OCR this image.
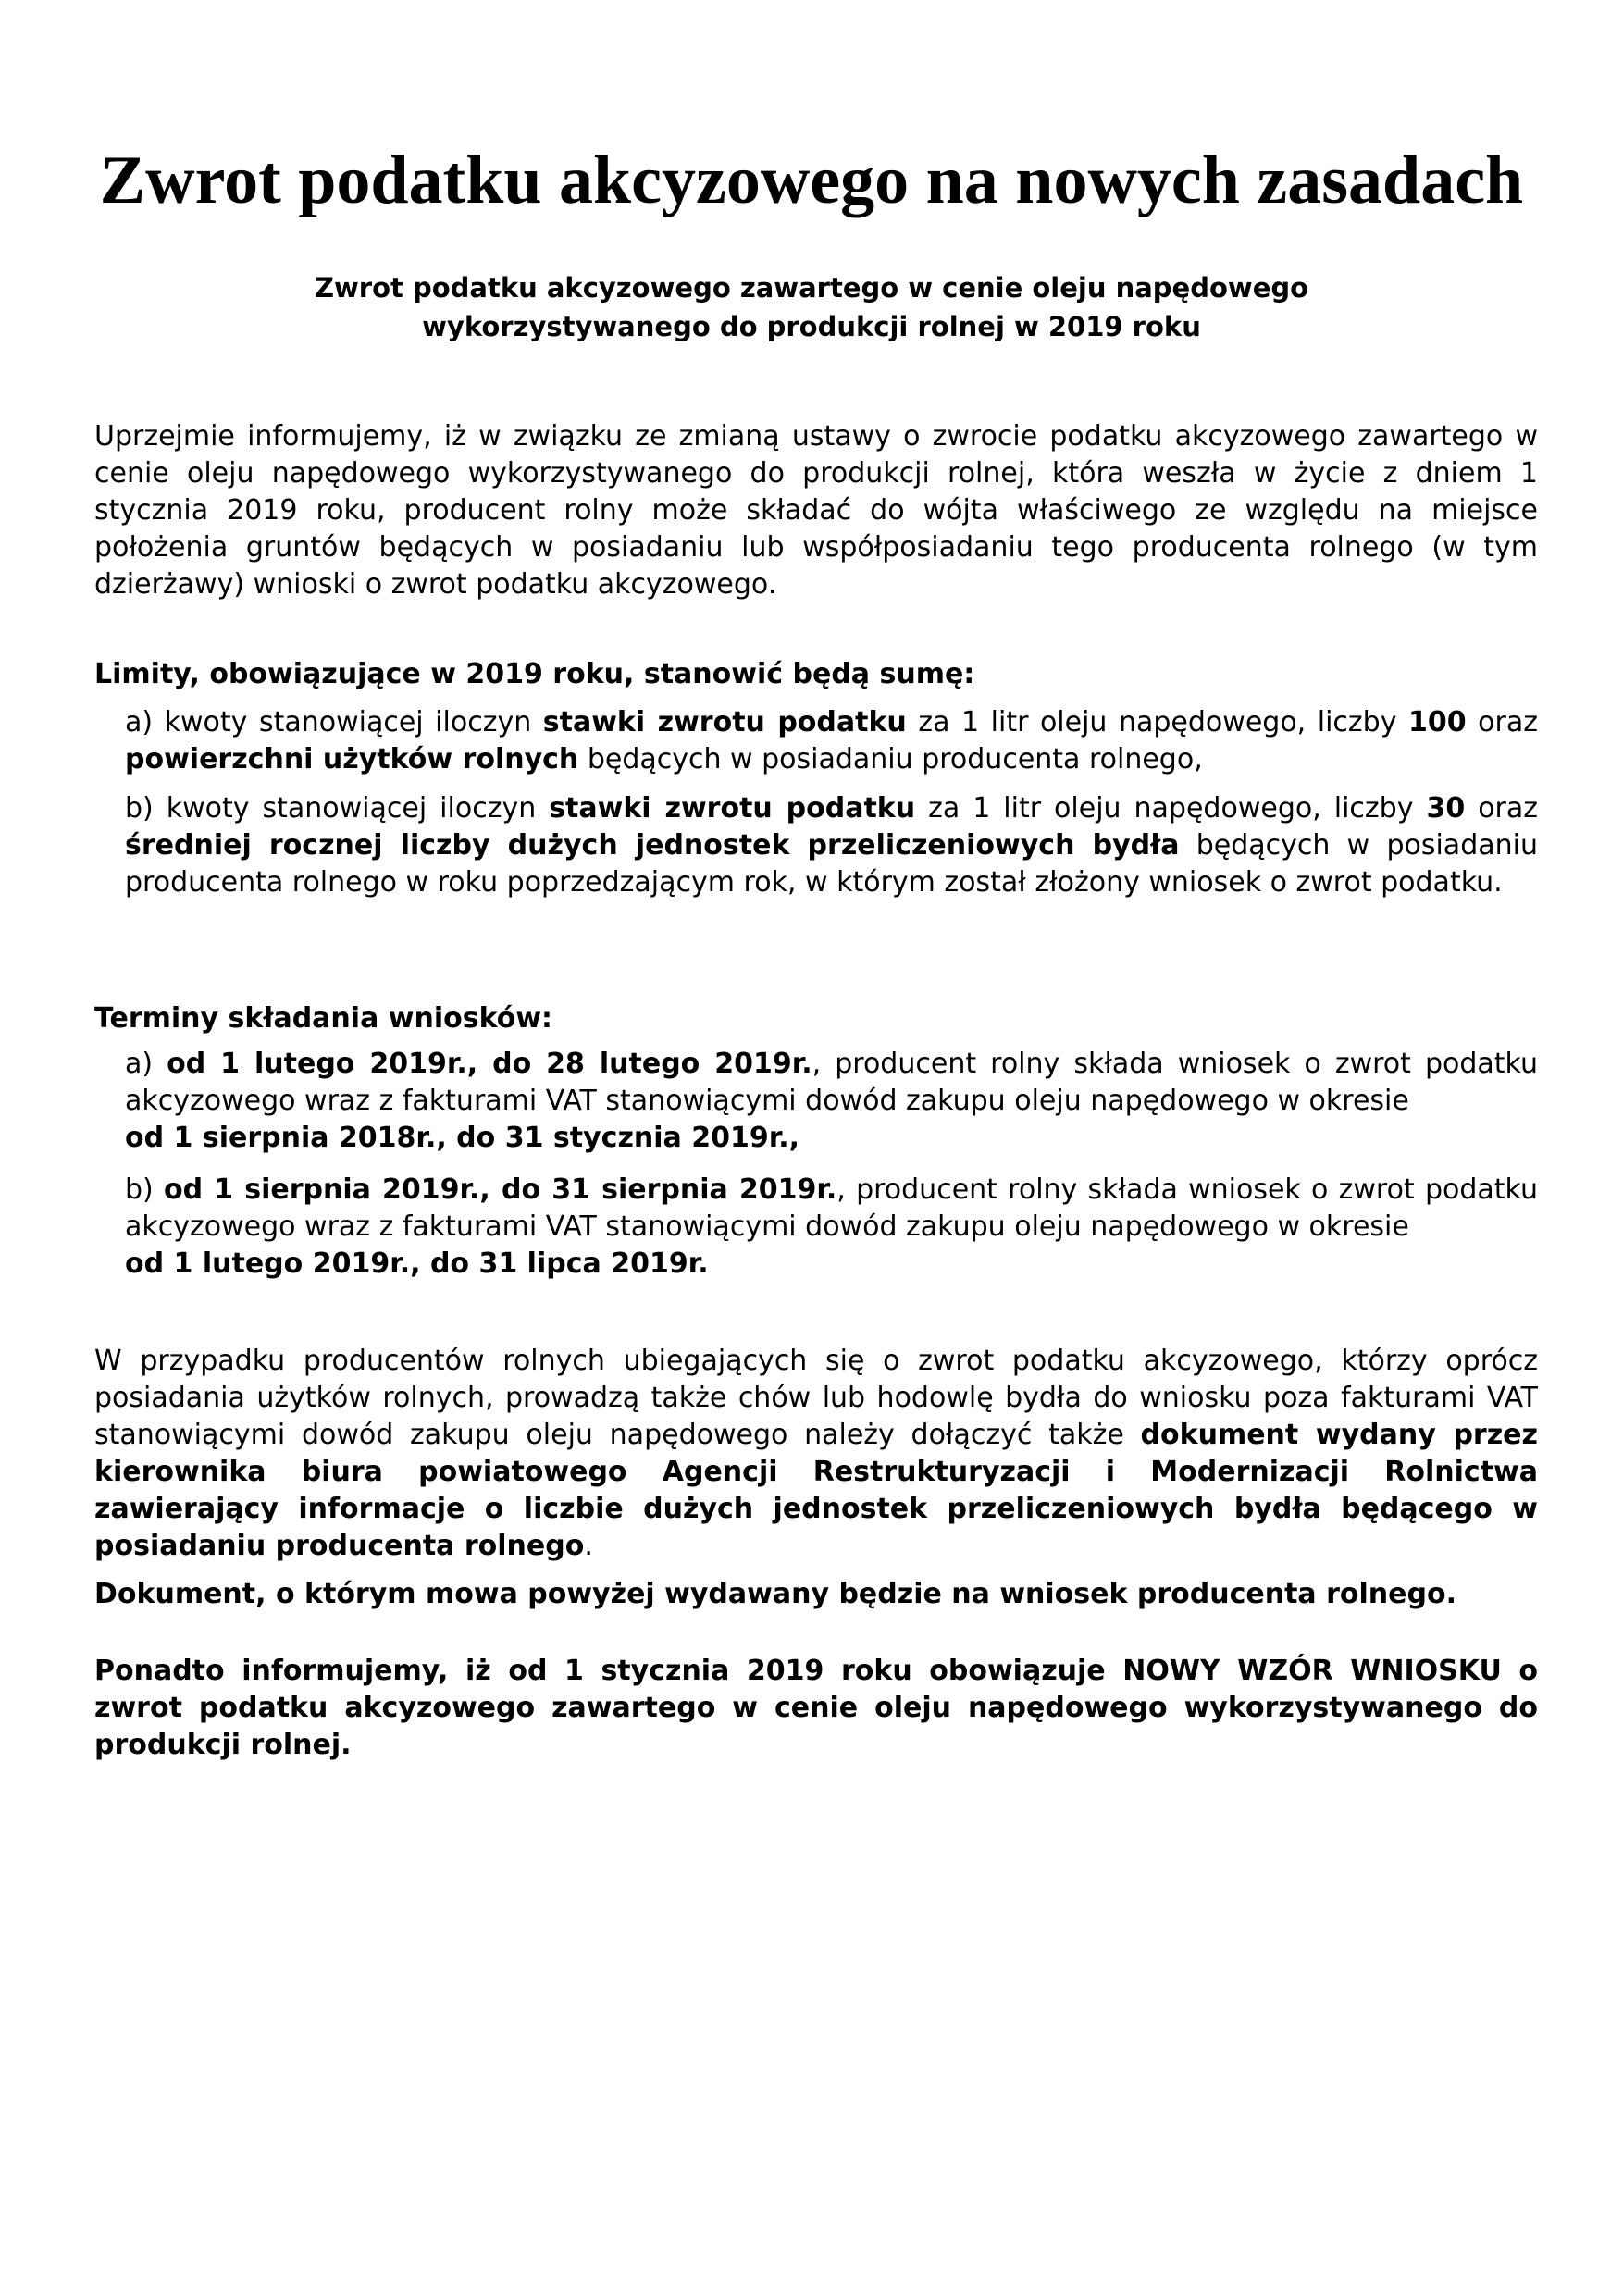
Zwrot podatku akcyzowego na nowych zasadach
Zwrot podatku akcyzowego zawartego w cenie oleju napędowego
wykorzystywanego do produkcji rolnej w 2019 roku

Uprzejmie informujemy, iż w związku ze zmianą ustawy o zwrocie podatku akcyzowego zawartego w cenie oleju napędowego wykorzystywanego do produkcji rolnej, która weszła w życie z dniem 1 stycznia 2019 roku, producent rolny może składać do wójta właściwego ze względu na miejsce położenia gruntów będących w posiadaniu lub współposiadaniu tego producenta rolnego (w tym dzierżawy) wnioski o zwrot podatku akcyzowego.

Limity, obowiązujące w 2019 roku, stanowić będą sumę:

a) kwoty stanowiącej iloczyn stawki zwrotu podatku za 1 litr oleju napędowego, liczby 100 oraz powierzchni użytków rolnych będących w posiadaniu producenta rolnego,

b) kwoty stanowiącej iloczyn stawki zwrotu podatku za 1 litr oleju napędowego, liczby 30 oraz średniej rocznej liczby dużych jednostek przeliczeniowych bydła będących w posiadaniu producenta rolnego w roku poprzedzającym rok, w którym został złożony wniosek o zwrot podatku.

Terminy składania wniosków:

a) od 1 lutego 2019r., do 28 lutego 2019r., producent rolny składa wniosek o zwrot podatku akcyzowego wraz z fakturami VAT stanowiącymi dowód zakupu oleju napędowego w okresie
od 1 sierpnia 2018r., do 31 stycznia 2019r.,

b) od 1 sierpnia 2019r., do 31 sierpnia 2019r., producent rolny składa wniosek o zwrot podatku akcyzowego wraz z fakturami VAT stanowiącymi dowód zakupu oleju napędowego w okresie
od 1 lutego 2019r., do 31 lipca 2019r.

W przypadku producentów rolnych ubiegających się o zwrot podatku akcyzowego, którzy oprócz posiadania użytków rolnych, prowadzą także chów lub hodowlę bydła do wniosku poza fakturami VAT stanowiącymi dowód zakupu oleju napędowego należy dołączyć także dokument wydany przez kierownika biura powiatowego Agencji Restrukturyzacji i Modernizacji Rolnictwa zawierający informacje o liczbie dużych jednostek przeliczeniowych bydła będącego w posiadaniu producenta rolnego.

Dokument, o którym mowa powyżej wydawany będzie na wniosek producenta rolnego.

Ponadto informujemy, iż od 1 stycznia 2019 roku obowiązuje NOWY WZÓR WNIOSKU o zwrot podatku akcyzowego zawartego w cenie oleju napędowego wykorzystywanego do produkcji rolnej.
